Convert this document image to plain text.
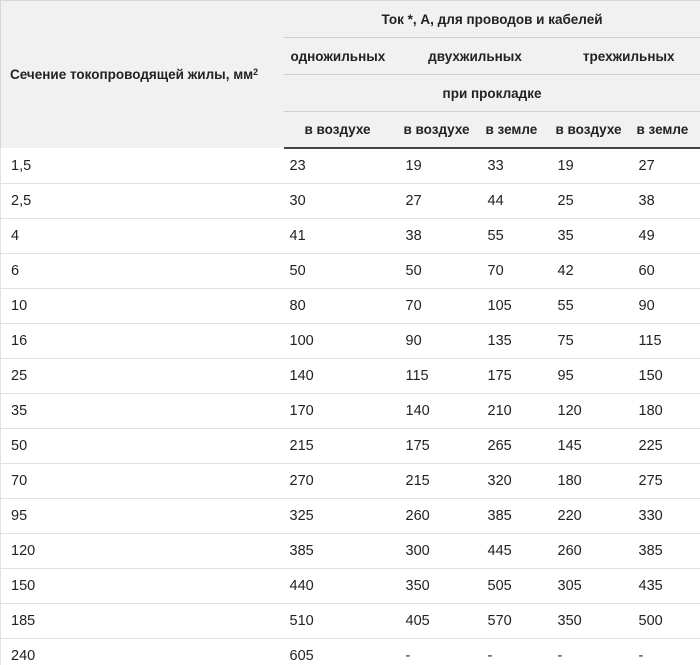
Сечение токопроводящей жилы, $мм^2$	Ток *, А, для проводов и кабелей				
	одножильных	двухжильных		трехжильных	
	при прокладке				
	в воздухе	в воздухе	в земле	в воздухе	в земле
1,5	23	19	33	19	27
2,5	30	27	44	25	38
4	41	38	55	35	49
6	50	50	70	42	60
10	80	70	105	55	90
16	100	90	135	75	115
25	140	115	175	95	150
35	170	140	210	120	180
50	215	175	265	145	225
70	270	215	320	180	275
95	325	260	385	220	330
120	385	300	445	260	385
150	440	350	505	305	435
185	510	405	570	350	500
240	605	-	-	-	-
